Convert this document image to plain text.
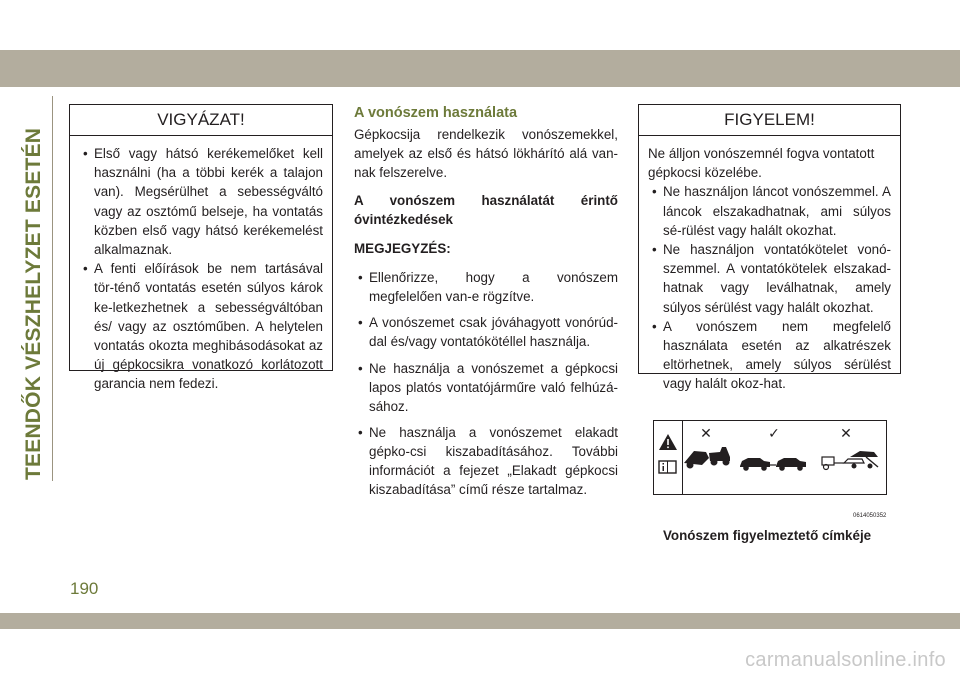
TEENDŐK VÉSZHELYZET ESETÉN
VIGYÁZAT!
• Első vagy hátsó kerékemelőket kell használni (ha a többi kerék a talajon van). Megsérülhet a sebességváltó vagy az osztómű belseje, ha vontatás közben első vagy hátsó kerékemelést alkalmaznak.
• A fenti előírások be nem tartásával tör-ténő vontatás esetén súlyos károk ke-letkezhetnek a sebességváltóban és/ vagy az osztóműben. A helytelen vontatás okozta meghibásodásokat az új gépkocsikra vonatkozó korlátozott garancia nem fedezi.
A vonószem használata
Gépkocsija rendelkezik vonószemekkel, amelyek az első és hátsó lökhárító alá van-nak felszerelve.
A vonószem használatát érintő óvintézkedések
MEGJEGYZÉS:
• Ellenőrizze, hogy a vonószem megfelelően van-e rögzítve.
• A vonószemet csak jóváhagyott vonórúd-dal és/vagy vontatókötéllel használja.
• Ne használja a vonószemet a gépkocsi lapos platós vontatójárműre való felhúzá-sához.
• Ne használja a vonószemet elakadt gépko-csi kiszabadításához. További információt a fejezet „Elakadt gépkocsi kiszabadítása” című része tartalmaz.
FIGYELEM!
Ne álljon vonószemnél fogva vontatott gépkocsi közelébe.
• Ne használjon láncot vonószemmel. A láncok elszakadhatnak, ami súlyos sé-rülést vagy halált okozhat.
• Ne használjon vontatókötelet vonó-szemmel. A vontatókötelek elszakad-hatnak vagy leválhatnak, amely súlyos sérülést vagy halált okozhat.
• A vonószem nem megfelelő használata esetén az alkatrészek eltörhetnek, amely súlyos sérülést vagy halált okoz-hat.
✕	✓	✕
0614050352
Vonószem figyelmeztető címkéje
190
carmanualsonline.info
